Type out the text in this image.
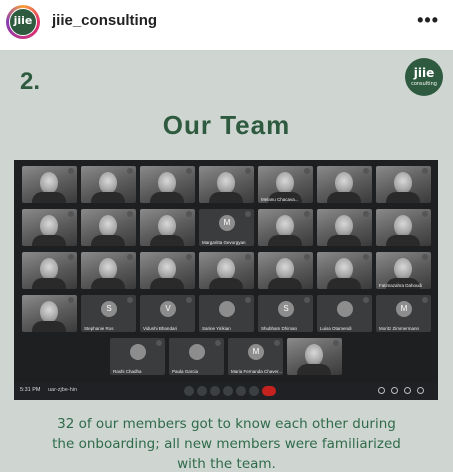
jiie	jiie_consulting	•••
2.	jiie
consulting
Our Team
5:31 PM uar-zjbe-hin
Melanu Chacava...
M
Margaritta Gevorgyan
Fatimazahra Dahoudi
S
Stephanie Ros
V
Vidushi Bhandari	Sarine Yirikian
S
Shubham Dhiman	Luisa Otamendi
M
Moritz Zimmermann
Rashi Chadha	Paula Garcia
M
Maria Fernanda Chaver...
32 of our members got to know each other during
the onboarding; all new members were familiarized
with the team.
